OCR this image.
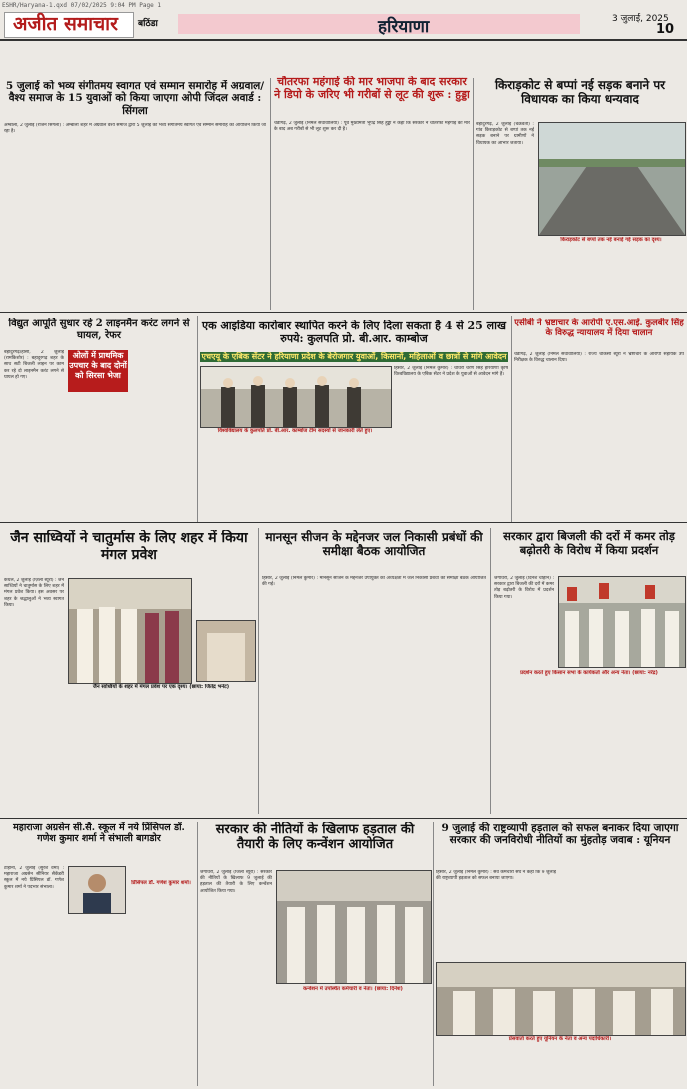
ESHR/Haryana-1.qxd 07/02/2025 9:04 PM Page 1
अजीत समाचार बठिंडा	हरियाणा	3 जुलाई, 2025
10
5 जुलाई को भव्य संगीतमय स्वागत एवं सम्मान समारोह में अग्रवाल/वैश्य समाज के 15 युवाओं को किया जाएगा ओपी जिंदल अवार्ड : सिंगला

अम्बाला, 2 जुलाई (राजन सिंगला) : अम्बाला शहर में अग्रवाल वैश्य समाज द्वारा 5 जुलाई को भव्य संगीतमय स्वागत एवं सम्मान समारोह का आयोजन किया जा रहा है।

चौतरफा महंगाई की मार भाजपा के बाद सरकार ने डिपो के जरिए भी गरीबों से लूट की शुरू : हुड्डा

चंडीगढ़, 2 जुलाई (निर्मल संधावालिया) : पूर्व मुख्यमंत्री भूपेंद्र सिंह हुड्डा ने कहा कि सरकार ने चौतरफा महंगाई की मार के बाद अब गरीबों से भी लूट शुरू कर दी है।

किराड़कोट से बप्पां नई सड़क बनाने पर विधायक का किया धन्यवाद

बहादुरगढ़, 2 जुलाई (चक्रवर्ती) : गांव किराड़कोट से बप्पां तक नई सड़क बनाने पर ग्रामीणों ने विधायक का आभार जताया।

किराड़कोट से बप्पां तक नई बनाई गई सड़क का दृश्य।
विद्युत आपूर्ति सुधार रहे 2 लाइनमैन करंट लगने से घायल, रेफर

बहादुरगढ़/हांसी, 2 जुलाई (रामकिशोर) : बहादुरगढ़ शहर के साथ सटी बिजली लाइन पर काम कर रहे दो लाइनमैन करंट लगने से घायल हो गए।

ओलों में प्राथमिक उपचार के बाद दोनों को सिरसा भेजा
एक आइडिया कारोबार स्थापित करने के लिए दिला सकता है 4 से 25 लाख रुपये: कुलपति प्रो. बी.आर. काम्बोज
एचएयू के एबिक सेंटर ने हरियाणा प्रदेश के बेरोजगार युवाओं, किसानों, महिलाओं व छात्रों से मांगे आवेदन

हिसार, 2 जुलाई (निर्मल कुमार) : चौधरी चरण सिंह हरियाणा कृषि विश्वविद्यालय के एबिक सेंटर ने प्रदेश के युवाओं से आवेदन मांगे हैं।

विश्वविद्यालय के कुलपति प्रो. बी.आर. काम्बोज टीम सदस्यों से जानकारी लेते हुए।
एसीबी ने भ्रष्टाचार के आरोपी ए.एस.आई. कुलबीर सिंह के विरुद्ध न्यायालय में दिया चालान

चंडीगढ़, 2 जुलाई (निर्मल संधावालिया) : राज्य चौकसी ब्यूरो ने भ्रष्टाचार के आरोपी सहायक उप निरीक्षक के विरुद्ध चालान दिया।

जैन साध्वियों ने चातुर्मास के लिए शहर में किया मंगल प्रवेश

कैथल, 2 जुलाई (ज़िला ब्यूरो) : जैन साध्वियों ने चातुर्मास के लिए शहर में मंगल प्रवेश किया। इस अवसर पर शहर के श्रद्धालुओं ने भव्य स्वागत किया।

जैन साध्वियों के शहर में मंगल प्रवेश पर एक दृश्य। (छाया: जितेंद्र भनेट)
मानसून सीजन के मद्देनजर जल निकासी प्रबंधों की समीक्षा बैठक आयोजित

हिसार, 2 जुलाई (निर्मल कुमार) : मानसून सीजन के मद्देनजर उपायुक्त की अध्यक्षता में जल निकासी प्रबंधों की समीक्षा बैठक आयोजित की गई।

सरकार द्वारा बिजली की दरों में कमर तोड़ बढ़ोतरी के विरोध में किया प्रदर्शन

जगाधरी, 2 जुलाई (दिनेश चौहान) : सरकार द्वारा बिजली की दरों में कमर तोड़ बढ़ोतरी के विरोध में प्रदर्शन किया गया।

प्रदर्शन करते हुए किसान सभा के कार्यकर्ता और अन्य नेता। (छाया: नरेंद्र)
महाराजा अग्रसेन सी.सै. स्कूल में नये प्रिंसिपल डॉ. गणेश कुमार शर्मा ने संभाली बागडोर

टोहाना, 2 जुलाई (सुरेश वर्मा) : महाराजा अग्रसेन सीनियर सैकेंडरी स्कूल में नये प्रिंसिपल डॉ. गणेश कुमार शर्मा ने पदभार संभाला।

प्रिंसिपल डॉ. गणेश कुमार शर्मा।
सरकार की नीतियों के खिलाफ हड़ताल की तैयारी के लिए कन्वेंशन आयोजित

जगाधरी, 2 जुलाई (जिला ब्यूरो) : सरकार की नीतियों के खिलाफ 9 जुलाई की हड़ताल की तैयारी के लिए कन्वेंशन आयोजित किया गया।

कन्वेंशन में उपस्थित कर्मचारी व नेता। (छाया: दिनेश)
9 जुलाई की राष्ट्रव्यापी हड़ताल को सफल बनाकर दिया जाएगा सरकार की जनविरोधी नीतियों का मुंहतोड़ जवाब : यूनियन

हिसार, 2 जुलाई (निर्मल कुमार) : सर्व कर्मचारी संघ ने कहा कि 9 जुलाई की राष्ट्रव्यापी हड़ताल को सफल बनाया जाएगा।

प्रेसवार्ता करते हुए यूनियन के नेता व अन्य पदाधिकारी।
